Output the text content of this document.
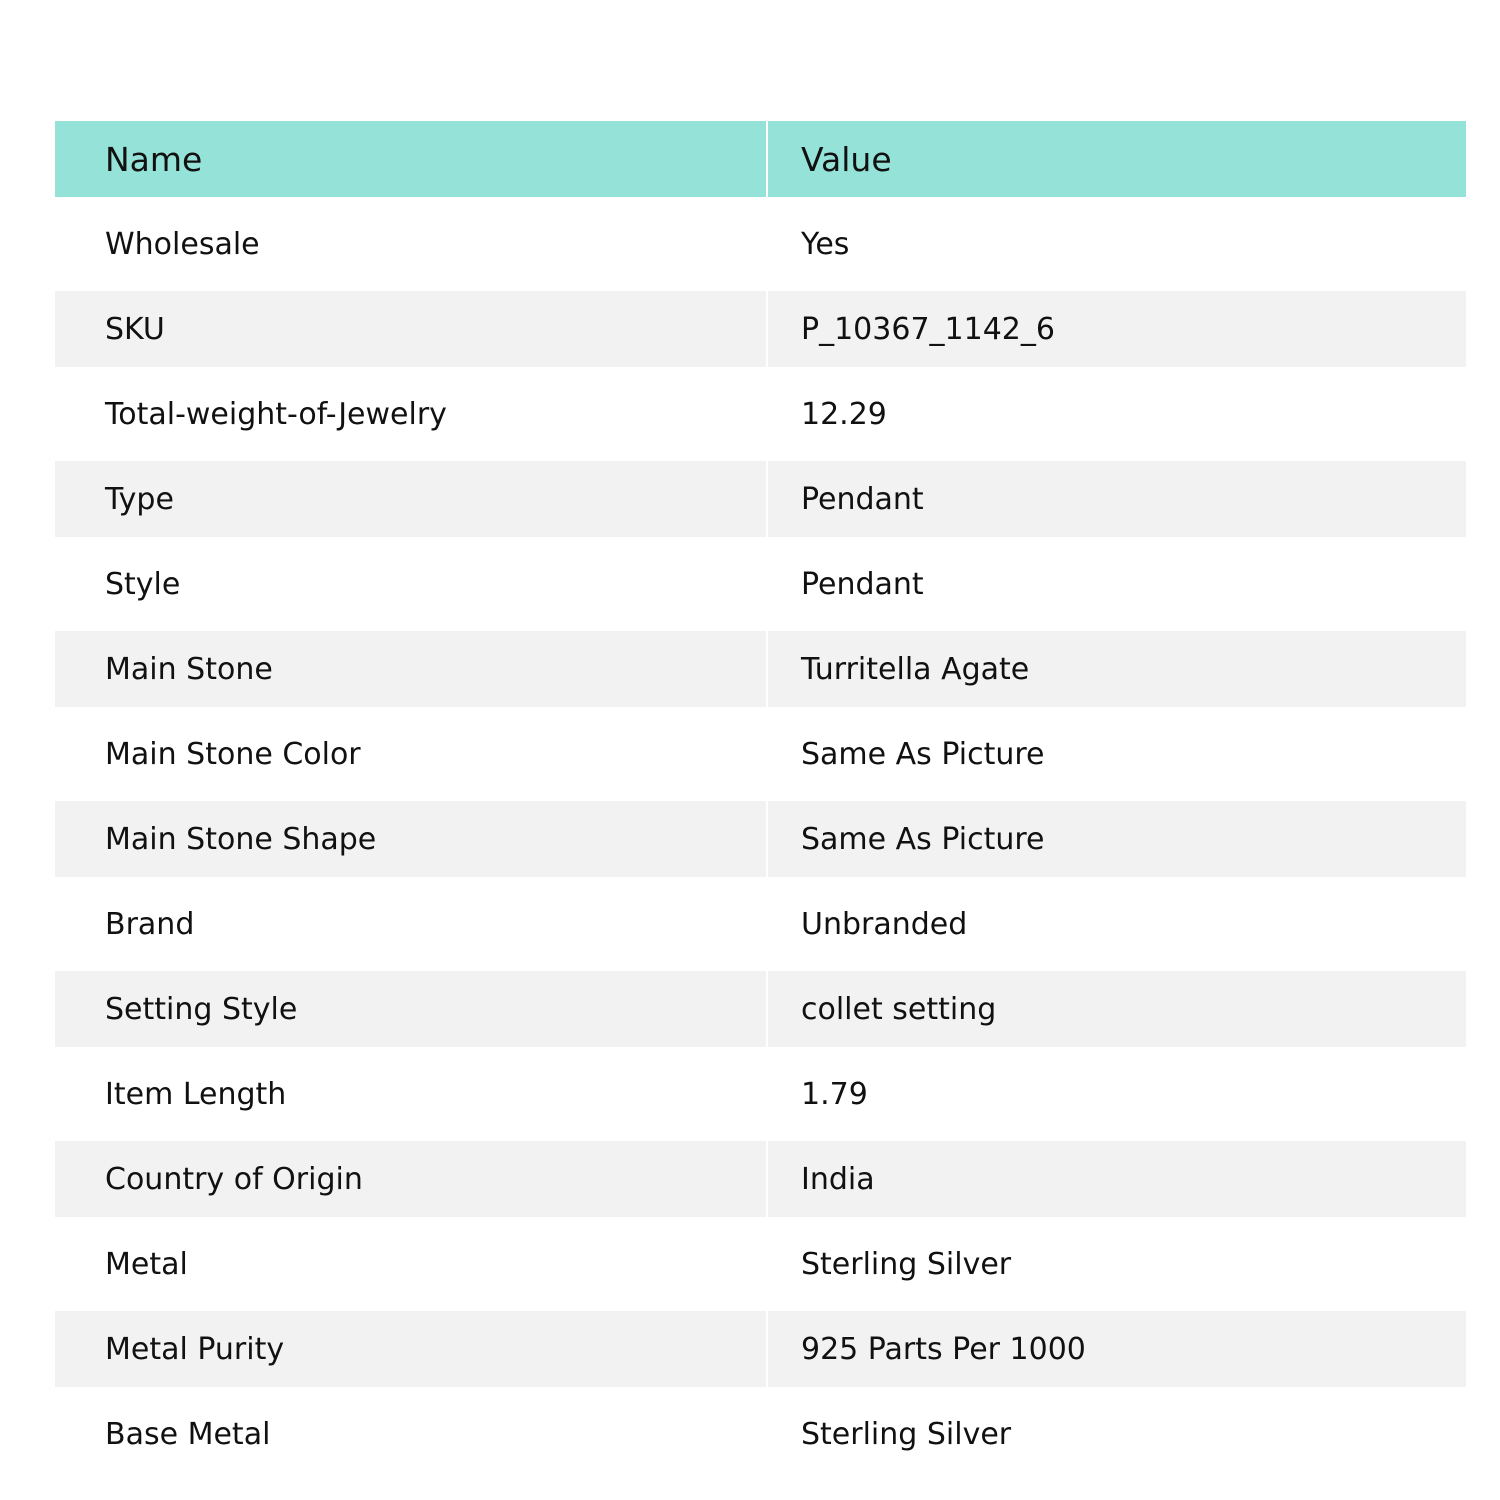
Name	Value
Wholesale	Yes
SKU	P_10367_1142_6
Total-weight-of-Jewelry	12.29
Type	Pendant
Style	Pendant
Main Stone	Turritella Agate
Main Stone Color	Same As Picture
Main Stone Shape	Same As Picture
Brand	Unbranded
Setting Style	collet setting
Item Length	1.79
Country of Origin	India
Metal	Sterling Silver
Metal Purity	925 Parts Per 1000
Base Metal	Sterling Silver
